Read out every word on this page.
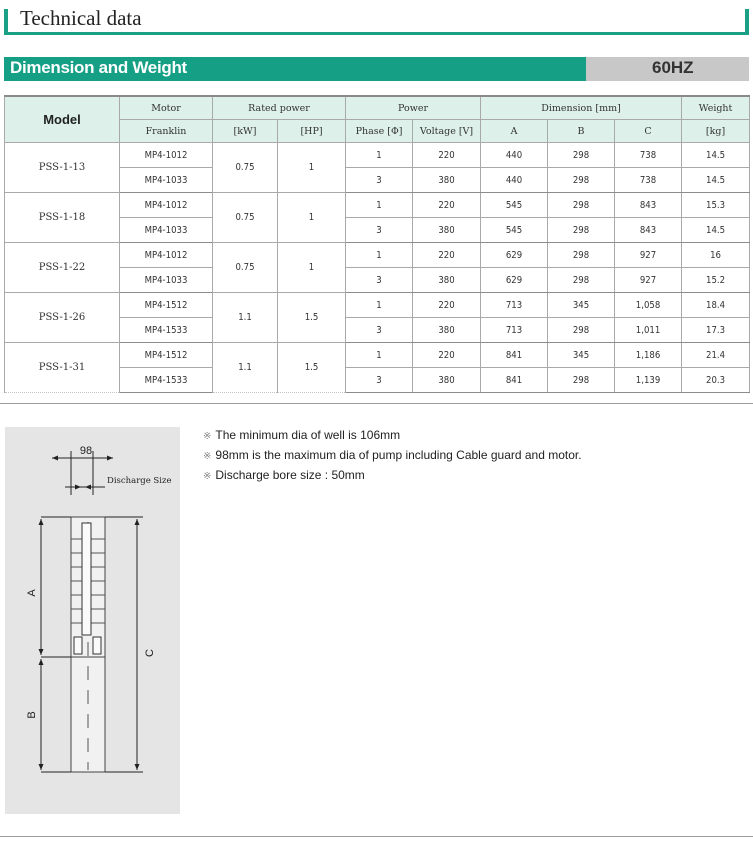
Technical data
Dimension and Weight	60HZ
Model	Motor	Rated power		Power		Dimension [mm]			Weight
	Franklin	[kW]	[HP]	Phase [Φ]	Voltage [V]	A	B	C	[kg]
PSS-1-13	MP4-1012	0.75	1	1	220	440	298	738	14.5
	MP4-1033			3	380	440	298	738	14.5
PSS-1-18	MP4-1012	0.75	1	1	220	545	298	843	15.3
	MP4-1033			3	380	545	298	843	14.5
PSS-1-22	MP4-1012	0.75	1	1	220	629	298	927	16
	MP4-1033			3	380	629	298	927	15.2
PSS-1-26	MP4-1512	1.1	1.5	1	220	713	345	1,058	18.4
	MP4-1533			3	380	713	298	1,011	17.3
PSS-1-31	MP4-1512	1.1	1.5	1	220	841	345	1,186	21.4
	MP4-1533			3	380	841	298	1,139	20.3
98
Discharge Size
A
B
C
※ The minimum dia of well is 106mm
※ 98mm is the maximum dia of pump including Cable guard and motor.
※ Discharge bore size : 50mm
